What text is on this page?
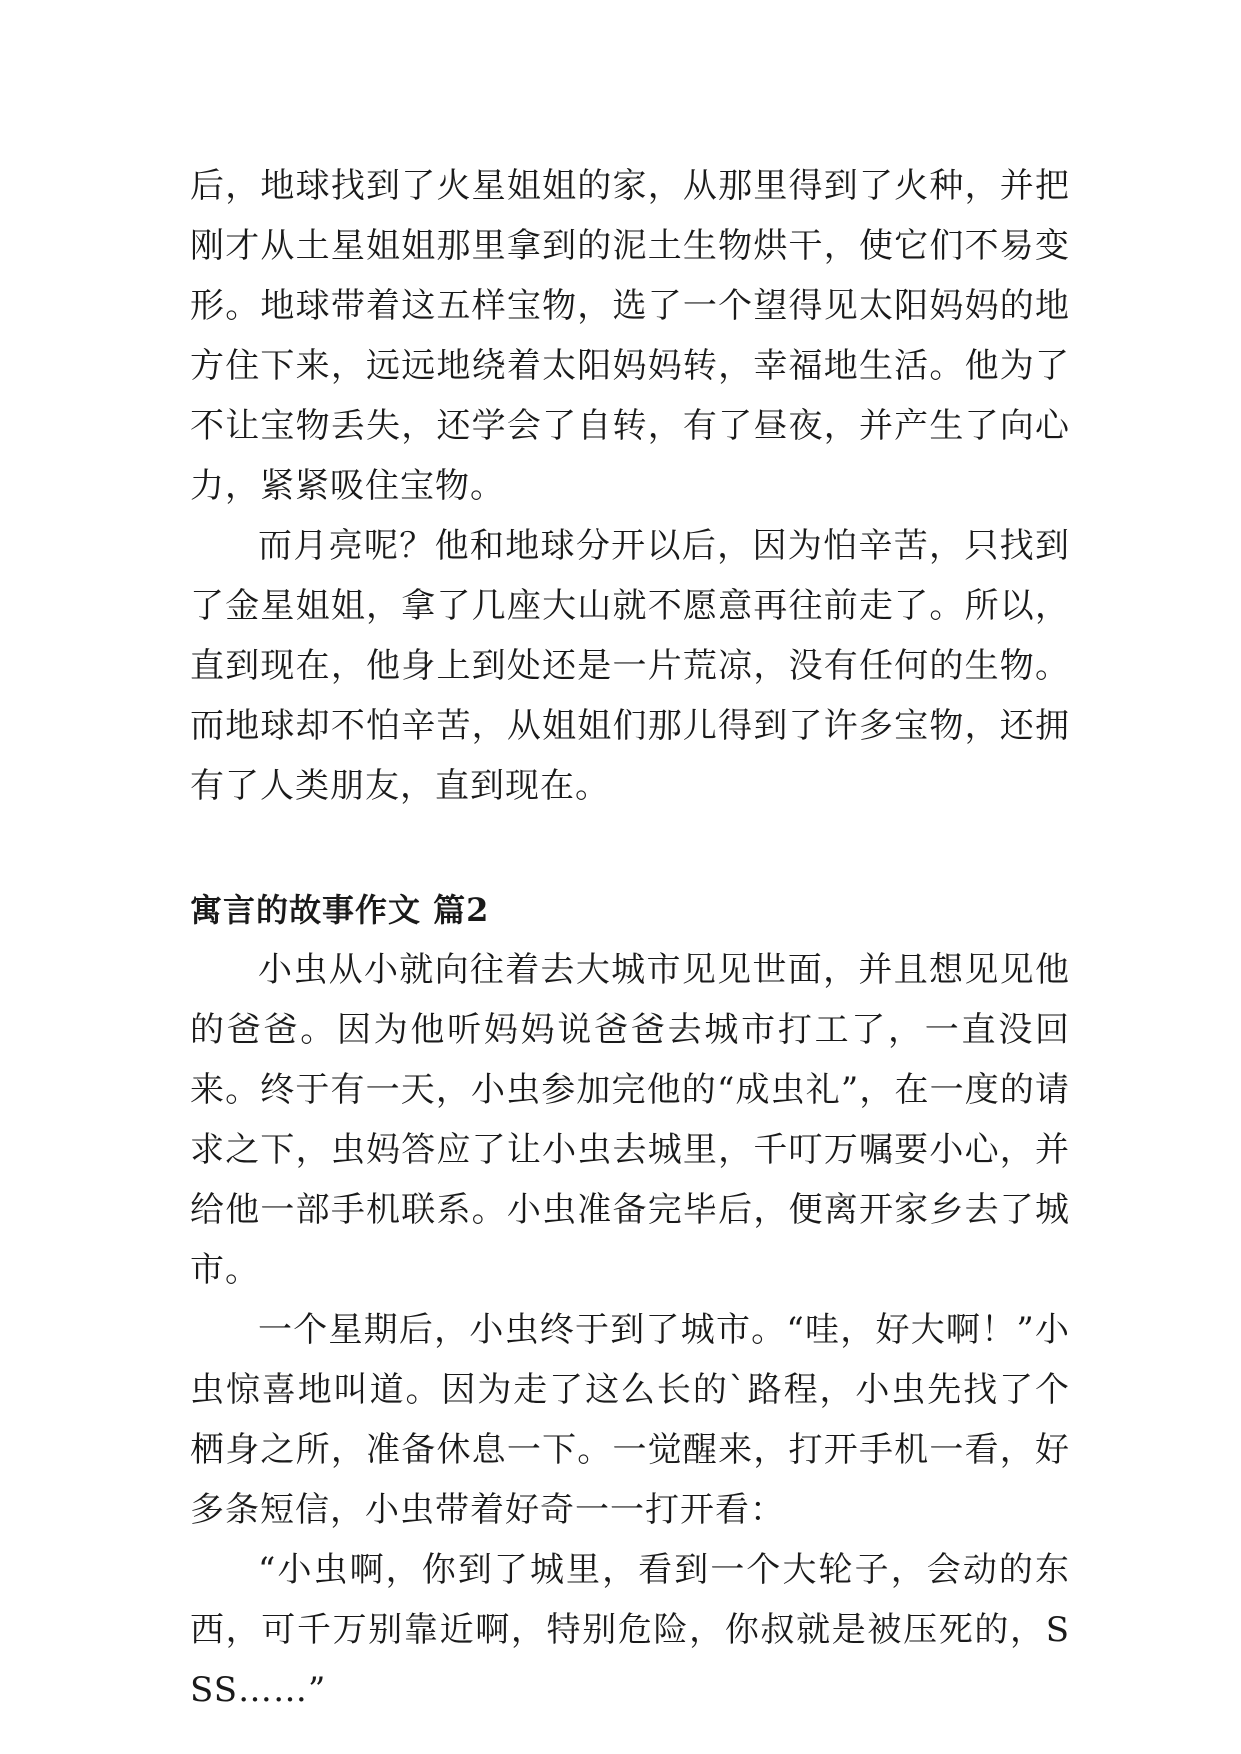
后，地球找到了火星姐姐的家，从那里得到了火种，并把刚才从土星姐姐那里拿到的泥土生物烘干，使它们不易变形。地球带着这五样宝物，选了一个望得见太阳妈妈的地方住下来，远远地绕着太阳妈妈转，幸福地生活。他为了不让宝物丢失，还学会了自转，有了昼夜，并产生了向心力，紧紧吸住宝物。

而月亮呢？他和地球分开以后，因为怕辛苦，只找到了金星姐姐，拿了几座大山就不愿意再往前走了。所以，直到现在，他身上到处还是一片荒凉，没有任何的生物。而地球却不怕辛苦，从姐姐们那儿得到了许多宝物，还拥有了人类朋友，直到现在。

寓言的故事作文 篇2

小虫从小就向往着去大城市见见世面，并且想见见他的爸爸。因为他听妈妈说爸爸去城市打工了，一直没回来。终于有一天，小虫参加完他的“成虫礼”，在一度的请求之下，虫妈答应了让小虫去城里，千叮万嘱要小心，并给他一部手机联系。小虫准备完毕后，便离开家乡去了城市。

一个星期后，小虫终于到了城市。“哇，好大啊！”小虫惊喜地叫道。因为走了这么长的`路程，小虫先找了个栖身之所，准备休息一下。一觉醒来，打开手机一看，好多条短信，小虫带着好奇一一打开看：

“小虫啊，你到了城里，看到一个大轮子，会动的东西，可千万别靠近啊，特别危险，你叔就是被压死的，SSS……”
